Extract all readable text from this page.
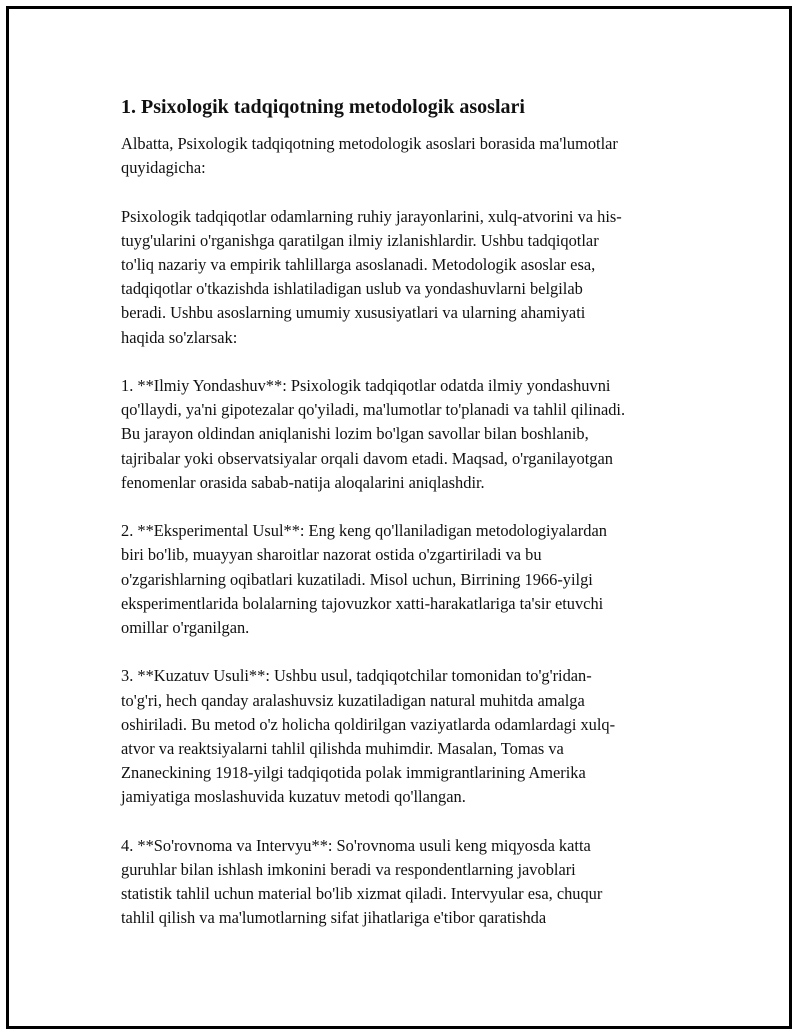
1. Psixologik tadqiqotning metodologik asoslari

Albatta, Psixologik tadqiqotning metodologik asoslari borasida ma'lumotlar
quyidagicha:

Psixologik tadqiqotlar odamlarning ruhiy jarayonlarini, xulq-atvorini va his-
tuyg'ularini o'rganishga qaratilgan ilmiy izlanishlardir. Ushbu tadqiqotlar
to'liq nazariy va empirik tahlillarga asoslanadi. Metodologik asoslar esa,
tadqiqotlar o'tkazishda ishlatiladigan uslub va yondashuvlarni belgilab
beradi. Ushbu asoslarning umumiy xususiyatlari va ularning ahamiyati
haqida so'zlarsak:

1. **Ilmiy Yondashuv**: Psixologik tadqiqotlar odatda ilmiy yondashuvni
qo'llaydi, ya'ni gipotezalar qo'yiladi, ma'lumotlar to'planadi va tahlil qilinadi.
Bu jarayon oldindan aniqlanishi lozim bo'lgan savollar bilan boshlanib,
tajribalar yoki observatsiyalar orqali davom etadi. Maqsad, o'rganilayotgan
fenomenlar orasida sabab-natija aloqalarini aniqlashdir.

2. **Eksperimental Usul**: Eng keng qo'llaniladigan metodologiyalardan
biri bo'lib, muayyan sharoitlar nazorat ostida o'zgartiriladi va bu
o'zgarishlarning oqibatlari kuzatiladi. Misol uchun, Birrining 1966-yilgi
eksperimentlarida bolalarning tajovuzkor xatti-harakatlariga ta'sir etuvchi
omillar o'rganilgan.

3. **Kuzatuv Usuli**: Ushbu usul, tadqiqotchilar tomonidan to'g'ridan-
to'g'ri, hech qanday aralashuvsiz kuzatiladigan natural muhitda amalga
oshiriladi. Bu metod o'z holicha qoldirilgan vaziyatlarda odamlardagi xulq-
atvor va reaktsiyalarni tahlil qilishda muhimdir. Masalan, Tomas va
Znaneckining 1918-yilgi tadqiqotida polak immigrantlarining Amerika
jamiyatiga moslashuvida kuzatuv metodi qo'llangan.

4. **So'rovnoma va Intervyu**: So'rovnoma usuli keng miqyosda katta
guruhlar bilan ishlash imkonini beradi va respondentlarning javoblari
statistik tahlil uchun material bo'lib xizmat qiladi. Intervyular esa, chuqur
tahlil qilish va ma'lumotlarning sifat jihatlariga e'tibor qaratishda
